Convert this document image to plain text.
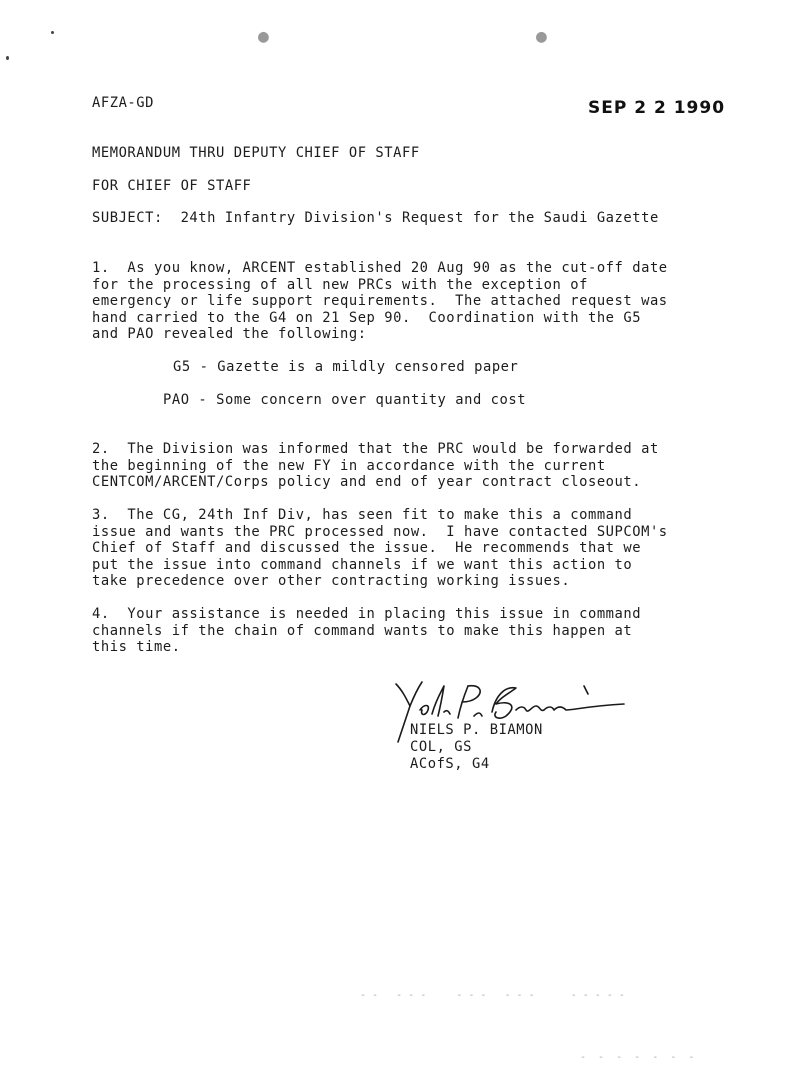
●	●
AFZA-GD	SEP 2 2 1990
MEMORANDUM THRU DEPUTY CHIEF OF STAFF
FOR CHIEF OF STAFF
SUBJECT:  24th Infantry Division's Request for the Saudi Gazette
1.  As you know, ARCENT established 20 Aug 90 as the cut-off date
for the processing of all new PRCs with the exception of
emergency or life support requirements.  The attached request was
hand carried to the G4 on 21 Sep 90.  Coordination with the G5
and PAO revealed the following:
G5 - Gazette is a mildly censored paper
PAO - Some concern over quantity and cost
2.  The Division was informed that the PRC would be forwarded at
the beginning of the new FY in accordance with the current
CENTCOM/ARCENT/Corps policy and end of year contract closeout.
3.  The CG, 24th Inf Div, has seen fit to make this a command
issue and wants the PRC processed now.  I have contacted SUPCOM's
Chief of Staff and discussed the issue.  He recommends that we
put the issue into command channels if we want this action to
take precedence over other contracting working issues.
4.  Your assistance is needed in placing this issue in command
channels if the chain of command wants to make this happen at
this time.
NIELS P. BIAMON
COL, GS
ACofS, G4
- -   - - -     - - -   - - -      - - - - -
-  -  -  -  -  -  -
